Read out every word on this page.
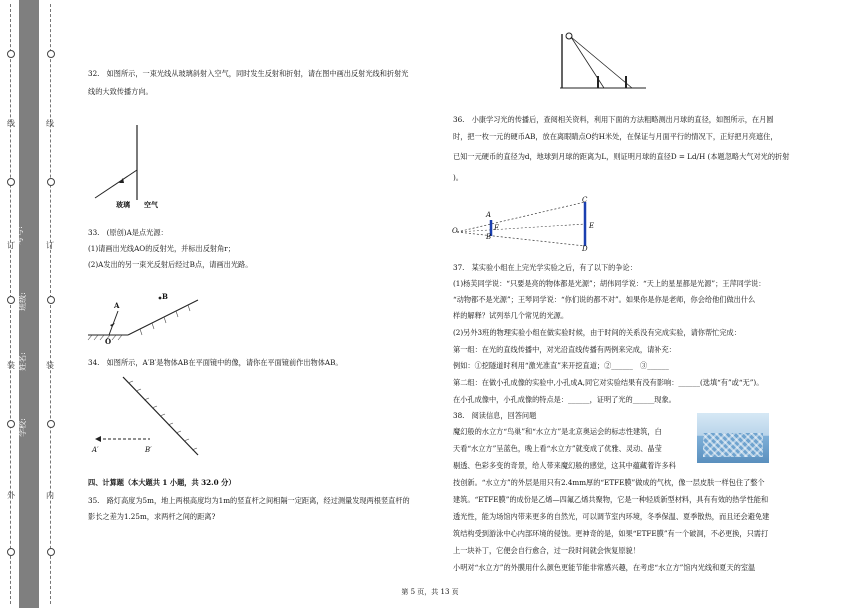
线
订
装
外
线
订
装
内
考号:
班级:
姓名:
学校:
32.　如图所示，一束光线从玻璃斜射入空气，同时发生反射和折射，请在图中画出反射光线和折射光
线的大致传播方向。
33.　(原创)A是点光源：
(1)请画出光线AO的反射光，并标出反射角r；
(2)A发出的另一束光反射后经过B点，请画出光路。
34.　如图所示，A′B′是物体AB在平面镜中的像，请你在平面镜前作出物体AB。
四、计算题（本大题共 1 小题，共 32.0 分）
35.　路灯高度为5m，地上两根高度均为1m的竖直杆之间相隔一定距离，经过测量发现两根竖直杆的
影长之差为1.25m，求两杆之间的距离?
玻璃 空气
A
B
O
A′	B′
36.　小康学习光的传播后，查阅相关资料，利用下面的方法粗略测出月球的直径，如图所示，在月圆
时，把一枚一元的硬币AB，放在离眼睛点O约H米处，在保证与月面平行的情况下，正好把月亮遮住，
已知一元硬币的直径为d，地球到月球的距离为L，则证明月球的直径D = Ld/H (本题忽略大气对光的折射
)。
37.　某实验小组在上完光学实验之后，有了以下的争论：
(1)杨芙同学说：“只要是亮的物体都是光源”；胡伟同学说：“天上的星星都是光源”；王萍同学说：
“动物都不是光源”；王琴同学说：“你们说的都不对”。如果你是你是老师，你会给他们做出什么
样的解释？试列举几个常见的光源。
(2)另外3班的物理实验小组在做实验时候，由于时间的关系没有完成实验，请你帮忙完成：
第一组：在光的直线传播中，对光沿直线传播有两例来完成，请补充：
例如：①挖隧道时利用“激光准直”来开挖直道；②______　③______
第二组：在做小孔成像的实验中,小孔成A,同它对实验结果有没有影响：______(选填“有”或“无”)。
在小孔成像中，小孔成像的特点是：______，证明了光的______现象。
38.　阅读信息，回答问题
魔幻般的水立方“鸟巢”和“水立方”是北京奥运会的标志性建筑，白
天看“水立方”呈蓝色，晚上看“水立方”就变成了优雅、灵动、晶莹
剔透、色彩多变的奇景，给人带来魔幻般的感觉，这其中蕴藏着许多科
技创新。“水立方”的外层是用只有2.4mm厚的“ETFE膜”做成的气枕，像一层皮肤一样包住了整个
建筑。“ETFE膜”的成份是乙烯—四氟乙烯共聚物，它是一种轻质新型材料，具有有效的热学性能和
透光性，能为场馆内带来更多的自然光，可以调节室内环境，冬季保温、夏季散热，而且还会避免建
筑结构受到游泳中心内部环境的侵蚀。更神奇的是，如果“ETFE膜”有一个破洞，不必更换，只需打
上一块补丁，它便会自行愈合，过一段时间就会恢复原貌！
小明对“水立方”的外膜用什么颜色更能节能非常感兴趣，在考虑“水立方”馆内光线和夏天的室温
A
B
F
O
C
D
E
第 5 页，共 13 页
